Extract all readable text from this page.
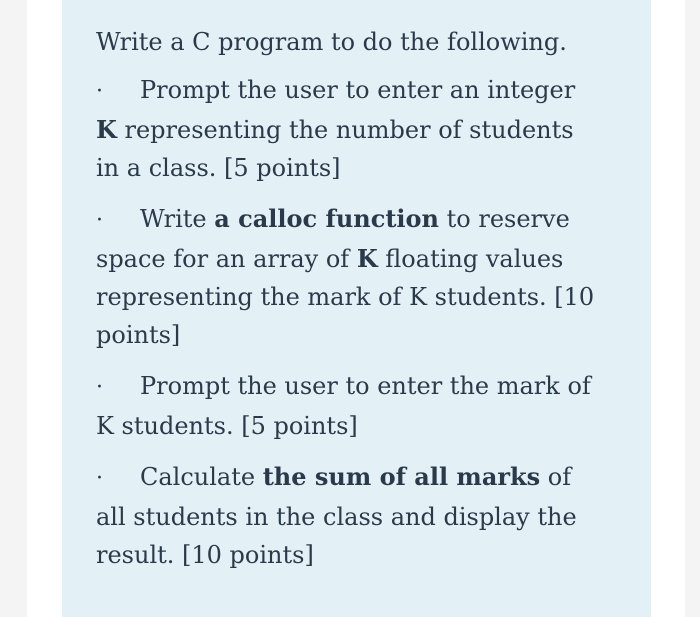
Write a C program to do the following.

· Prompt the user to enter an integer K representing the number of students in a class. [5 points]

· Write a calloc function to reserve space for an array of K floating values representing the mark of K students. [10 points]

· Prompt the user to enter the mark of K students. [5 points]

· Calculate the sum of all marks of all students in the class and display the result. [10 points]
